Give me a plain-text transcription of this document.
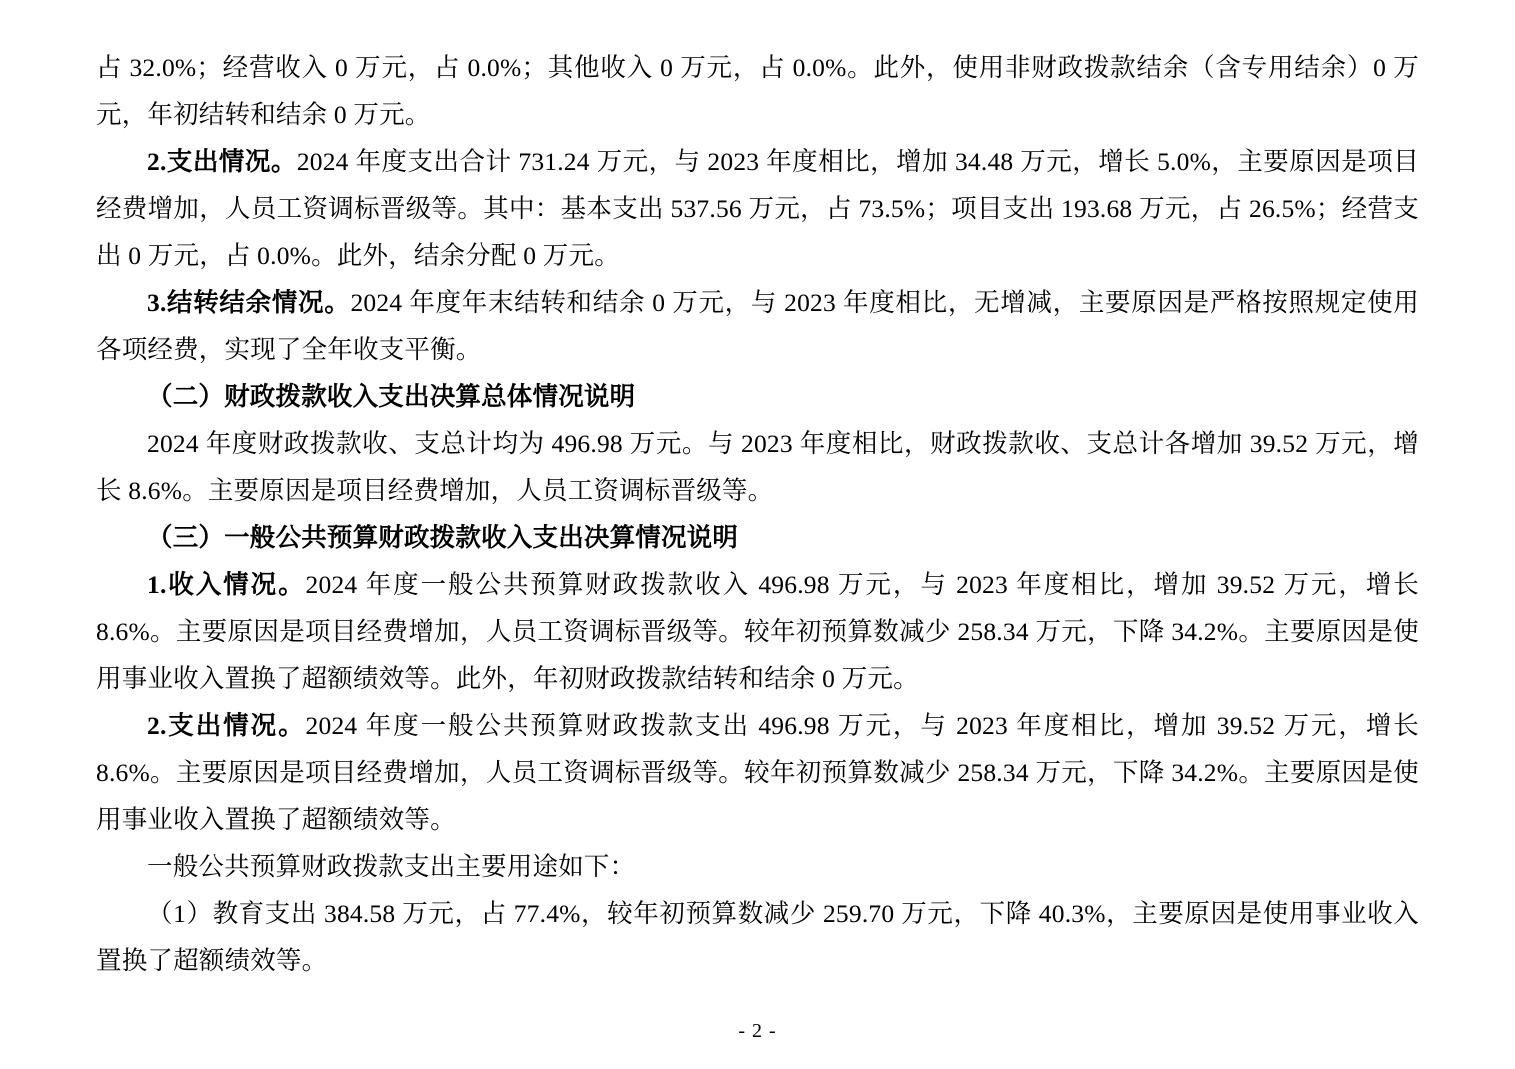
占 32.0%；经营收入 0 万元，占 0.0%；其他收入 0 万元，占 0.0%。此外，使用非财政拨款结余（含专用结余）0 万元，年初结转和结余 0 万元。

2.支出情况。2024 年度支出合计 731.24 万元，与 2023 年度相比，增加 34.48 万元，增长 5.0%，主要原因是项目经费增加，人员工资调标晋级等。其中：基本支出 537.56 万元，占 73.5%；项目支出 193.68 万元，占 26.5%；经营支出 0 万元，占 0.0%。此外，结余分配 0 万元。

3.结转结余情况。2024 年度年末结转和结余 0 万元，与 2023 年度相比，无增减，主要原因是严格按照规定使用各项经费，实现了全年收支平衡。

（二）财政拨款收入支出决算总体情况说明

2024 年度财政拨款收、支总计均为 496.98 万元。与 2023 年度相比，财政拨款收、支总计各增加 39.52 万元，增长 8.6%。主要原因是项目经费增加，人员工资调标晋级等。

（三）一般公共预算财政拨款收入支出决算情况说明

1.收入情况。2024 年度一般公共预算财政拨款收入 496.98 万元，与 2023 年度相比，增加 39.52 万元，增长 8.6%。主要原因是项目经费增加，人员工资调标晋级等。较年初预算数减少 258.34 万元，下降 34.2%。主要原因是使用事业收入置换了超额绩效等。此外，年初财政拨款结转和结余 0 万元。

2.支出情况。2024 年度一般公共预算财政拨款支出 496.98 万元，与 2023 年度相比，增加 39.52 万元，增长 8.6%。主要原因是项目经费增加，人员工资调标晋级等。较年初预算数减少 258.34 万元，下降 34.2%。主要原因是使用事业收入置换了超额绩效等。

一般公共预算财政拨款支出主要用途如下：

（1）教育支出 384.58 万元，占 77.4%，较年初预算数减少 259.70 万元，下降 40.3%，主要原因是使用事业收入置换了超额绩效等。

- 2 -
